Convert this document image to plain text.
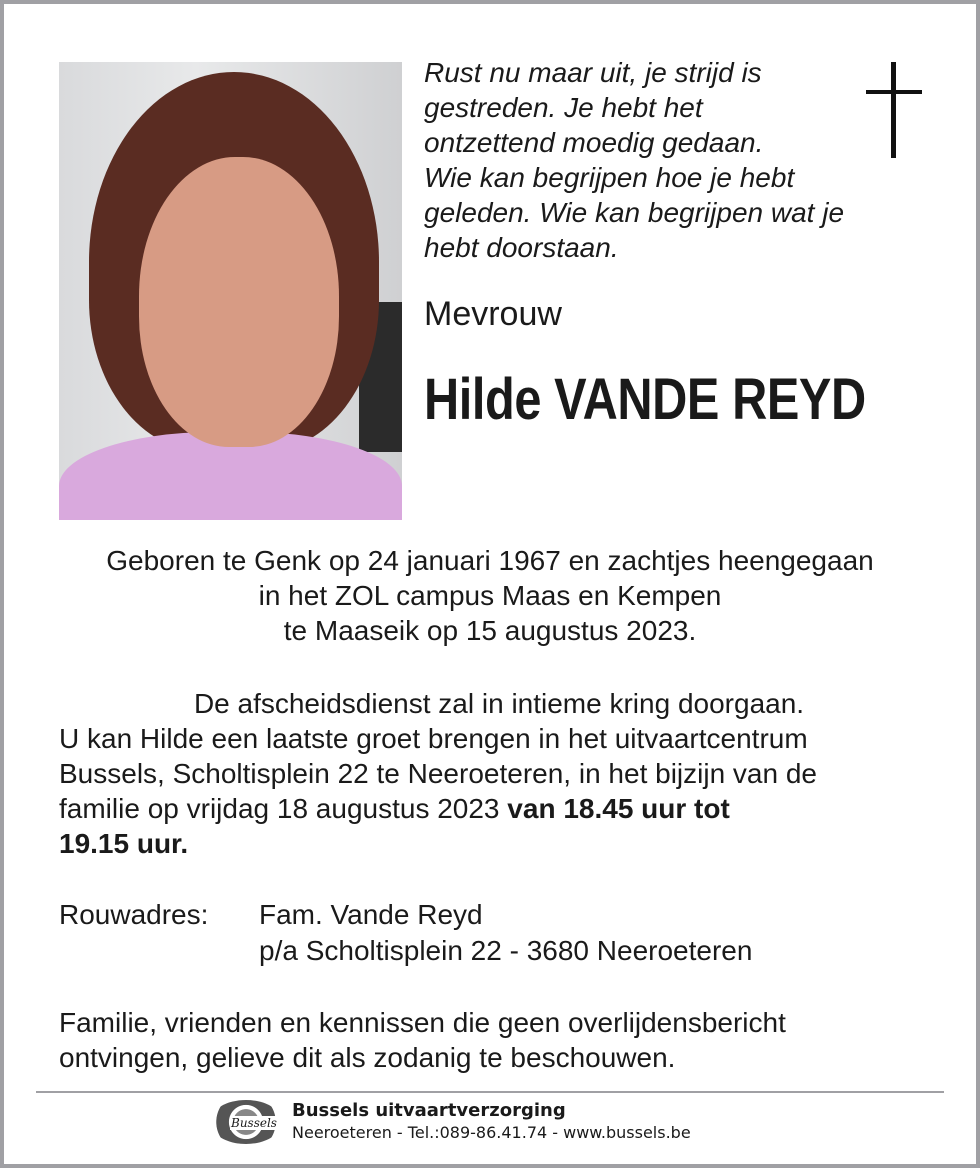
Rust nu maar uit, je strijd is
gestreden. Je hebt het
ontzettend moedig gedaan.
Wie kan begrijpen hoe je hebt
geleden. Wie kan begrijpen wat je
hebt doorstaan.
Mevrouw
Hilde VANDE REYD
Geboren te Genk op 24 januari 1967 en zachtjes heengegaan
in het ZOL campus Maas en Kempen
te Maaseik op 15 augustus 2023.
De afscheidsdienst zal in intieme kring doorgaan.
U kan Hilde een laatste groet brengen in het uitvaartcentrum
Bussels, Scholtisplein 22 te Neeroeteren, in het bijzijn van de
familie op vrijdag 18 augustus 2023 van 18.45 uur tot
19.15 uur.
Rouwadres: Fam. Vande Reyd
p/a Scholtisplein 22 - 3680 Neeroeteren
Familie, vrienden en kennissen die geen overlijdensbericht
ontvingen, gelieve dit als zodanig te beschouwen.
Bussels
Bussels uitvaartverzorging
Neeroeteren - Tel.:089-86.41.74 - www.bussels.be
